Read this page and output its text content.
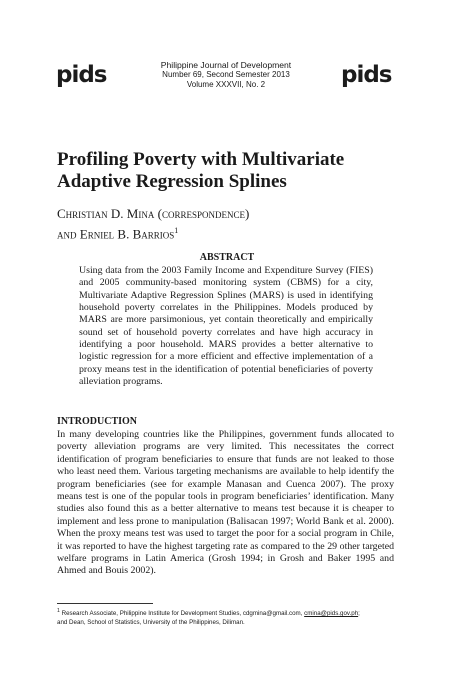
pids	pids
Philippine Journal of Development
Number 69, Second Semester 2013
Volume XXXVII, No. 2
Profiling Poverty with Multivariate
Adaptive Regression Splines
Christian D. Mina (correspondence)
and Erniel B. Barrios$^1$
ABSTRACT
Using data from the 2003 Family Income and Expenditure Survey (FIES) and 2005 community-based monitoring system (CBMS) for a city, Multivariate Adaptive Regression Splines (MARS) is used in identifying household poverty correlates in the Philippines. Models produced by MARS are more parsimonious, yet contain theoretically and empirically sound set of household poverty correlates and have high accuracy in identifying a poor household. MARS provides a better alternative to logistic regression for a more efficient and effective implementation of a proxy means test in the identification of potential beneficiaries of poverty alleviation programs.
INTRODUCTION
In many developing countries like the Philippines, government funds allocated to poverty alleviation programs are very limited. This necessitates the correct identification of program beneficiaries to ensure that funds are not leaked to those who least need them. Various targeting mechanisms are available to help identify the program beneficiaries (see for example Manasan and Cuenca 2007). The proxy means test is one of the popular tools in program beneficiaries’ identification. Many studies also found this as a better alternative to means test because it is cheaper to implement and less prone to manipulation (Balisacan 1997; World Bank et al. 2000). When the proxy means test was used to target the poor for a social program in Chile, it was reported to have the highest targeting rate as compared to the 29 other targeted welfare programs in Latin America (Grosh 1994; in Grosh and Baker 1995 and Ahmed and Bouis 2002).
$^1$ Research Associate, Philippine Institute for Development Studies, cdgmina@gmail.com, cmina@pids.gov.ph;
and Dean, School of Statistics, University of the Philippines, Diliman.
